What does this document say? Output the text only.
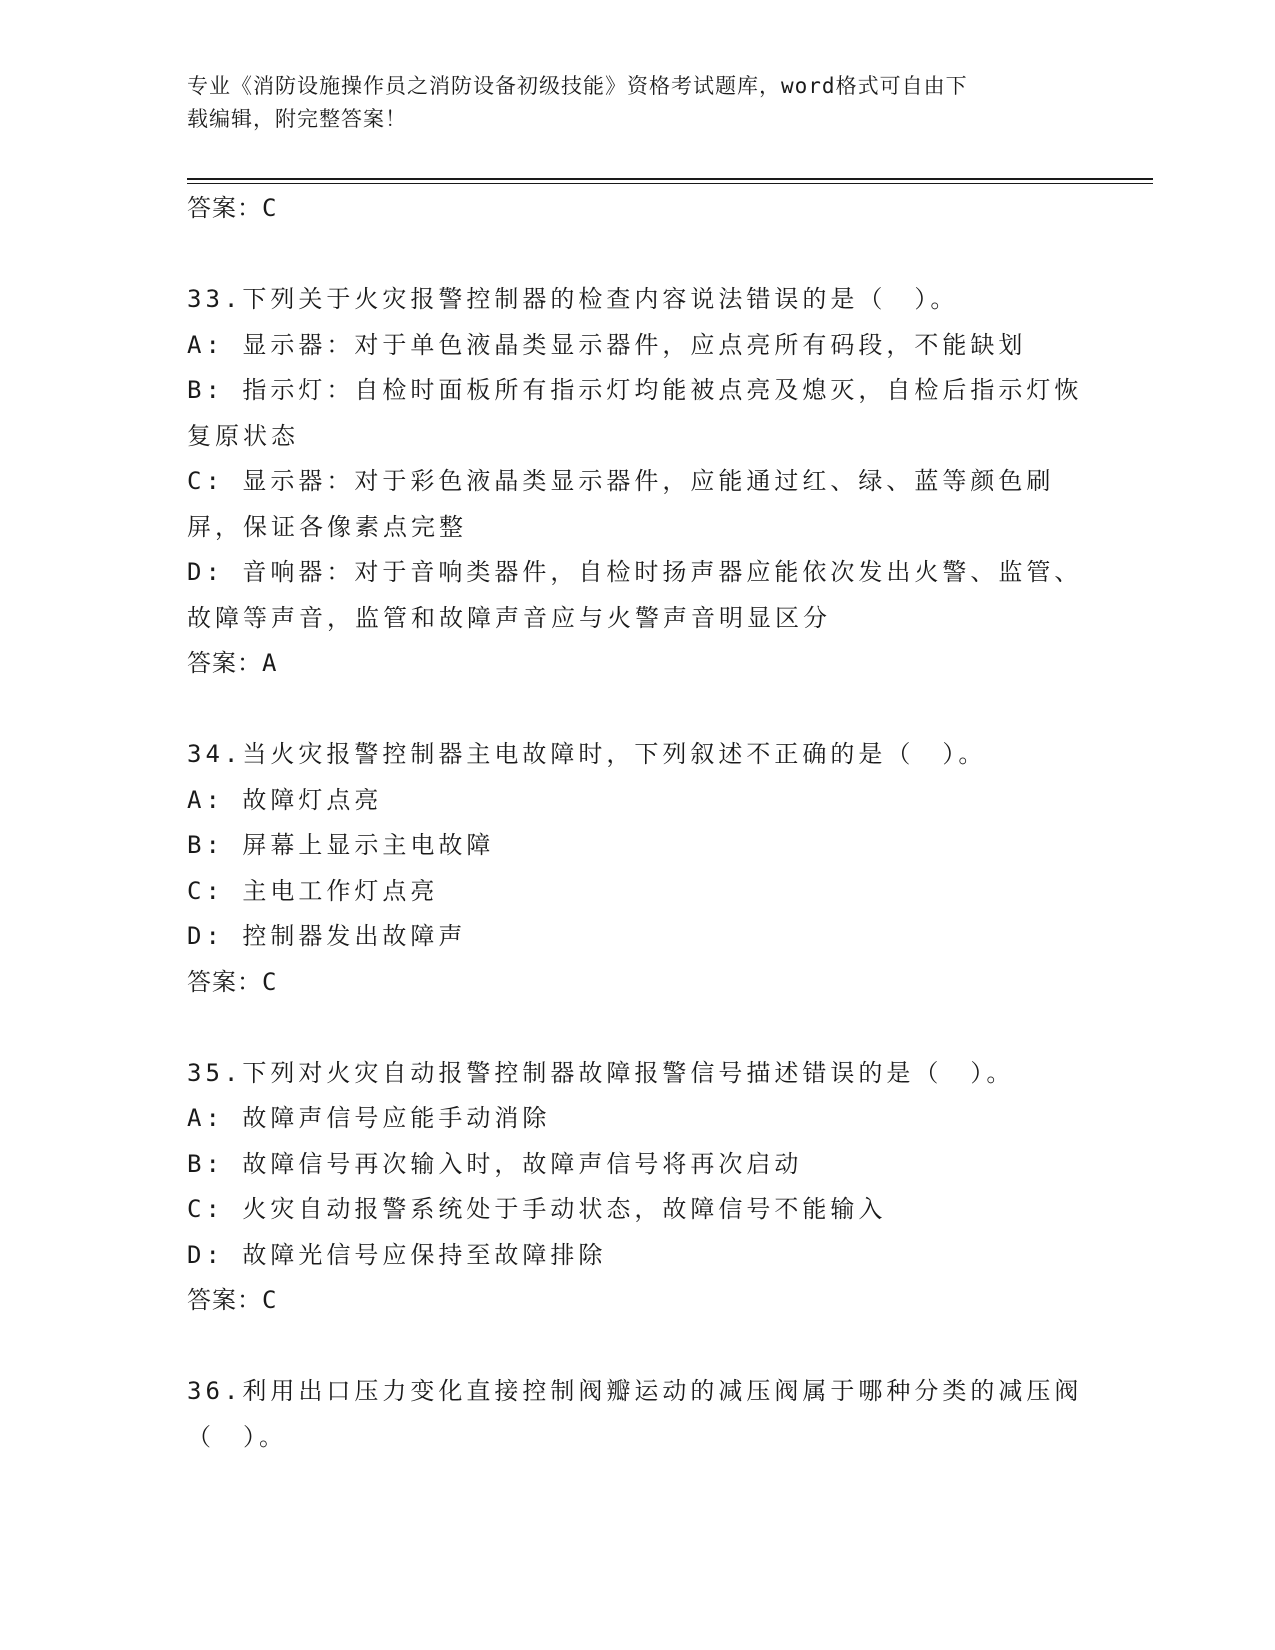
专业《消防设施操作员之消防设备初级技能》资格考试题库，word格式可自由下
载编辑，附完整答案！
答案：C
33.下列关于火灾报警控制器的检查内容说法错误的是（　）。
A: 显示器：对于单色液晶类显示器件，应点亮所有码段，不能缺划
B: 指示灯：自检时面板所有指示灯均能被点亮及熄灭，自检后指示灯恢复原状态
C: 显示器：对于彩色液晶类显示器件，应能通过红、绿、蓝等颜色刷屏，保证各像素点完整
D: 音响器：对于音响类器件，自检时扬声器应能依次发出火警、监管、故障等声音，监管和故障声音应与火警声音明显区分
答案：A
34.当火灾报警控制器主电故障时，下列叙述不正确的是（　）。
A: 故障灯点亮
B: 屏幕上显示主电故障
C: 主电工作灯点亮
D: 控制器发出故障声
答案：C
35.下列对火灾自动报警控制器故障报警信号描述错误的是（　）。
A: 故障声信号应能手动消除
B: 故障信号再次输入时，故障声信号将再次启动
C: 火灾自动报警系统处于手动状态，故障信号不能输入
D: 故障光信号应保持至故障排除
答案：C
36.利用出口压力变化直接控制阀瓣运动的减压阀属于哪种分类的减压阀（　）。
